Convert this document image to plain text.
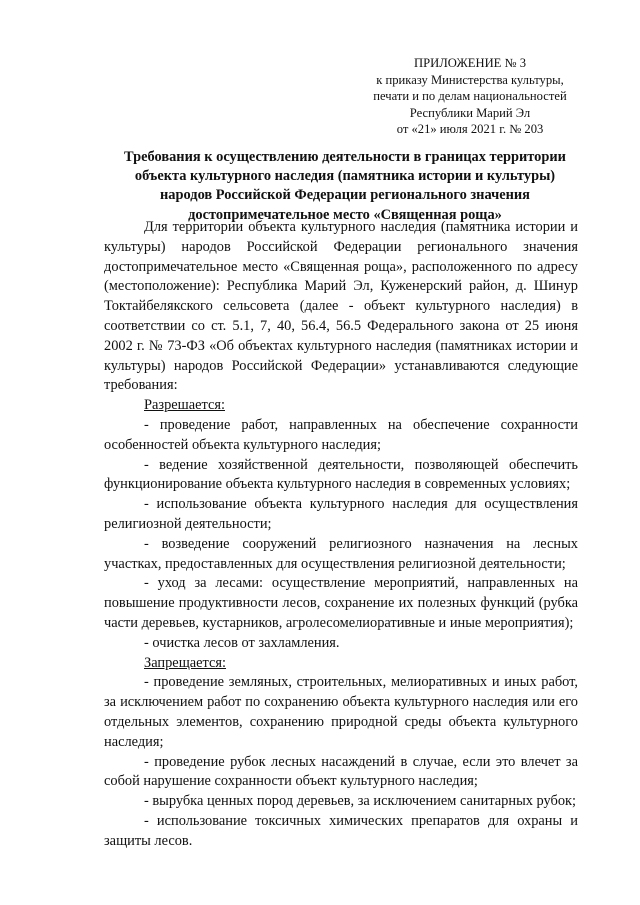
ПРИЛОЖЕНИЕ № 3
к приказу Министерства культуры,
печати и по делам национальностей
Республики Марий Эл
от «21» июля 2021 г. № 203
Требования к осуществлению деятельности в границах территории
объекта культурного наследия (памятника истории и культуры)
народов Российской Федерации регионального значения
достопримечательное место «Священная роща»

Для территории объекта культурного наследия (памятника истории и культуры) народов Российской Федерации регионального значения достопримечательное место «Священная роща», расположенного по адресу (местоположение): Республика Марий Эл, Куженерский район, д. Шинур Токтайбелякского сельсовета (далее - объект культурного наследия) в соответствии со ст. 5.1, 7, 40, 56.4, 56.5 Федерального закона от 25 июня 2002 г. № 73-ФЗ «Об объектах культурного наследия (памятниках истории и культуры) народов Российской Федерации» устанавливаются следующие требования:

Разрешается:

- проведение работ, направленных на обеспечение сохранности особенностей объекта культурного наследия;

- ведение хозяйственной деятельности, позволяющей обеспечить функционирование объекта культурного наследия в современных условиях;

- использование объекта культурного наследия для осуществления религиозной деятельности;

- возведение сооружений религиозного назначения на лесных участках, предоставленных для осуществления религиозной деятельности;

- уход за лесами: осуществление мероприятий, направленных на повышение продуктивности лесов, сохранение их полезных функций (рубка части деревьев, кустарников, агролесомелиоративные и иные мероприятия);

- очистка лесов от захламления.

Запрещается:

- проведение земляных, строительных, мелиоративных и иных работ, за исключением работ по сохранению объекта культурного наследия или его отдельных элементов, сохранению природной среды объекта культурного наследия;

- проведение рубок лесных насаждений в случае, если это влечет за собой нарушение сохранности объект культурного наследия;

- вырубка ценных пород деревьев, за исключением санитарных рубок;

- использование токсичных химических препаратов для охраны и защиты лесов.
